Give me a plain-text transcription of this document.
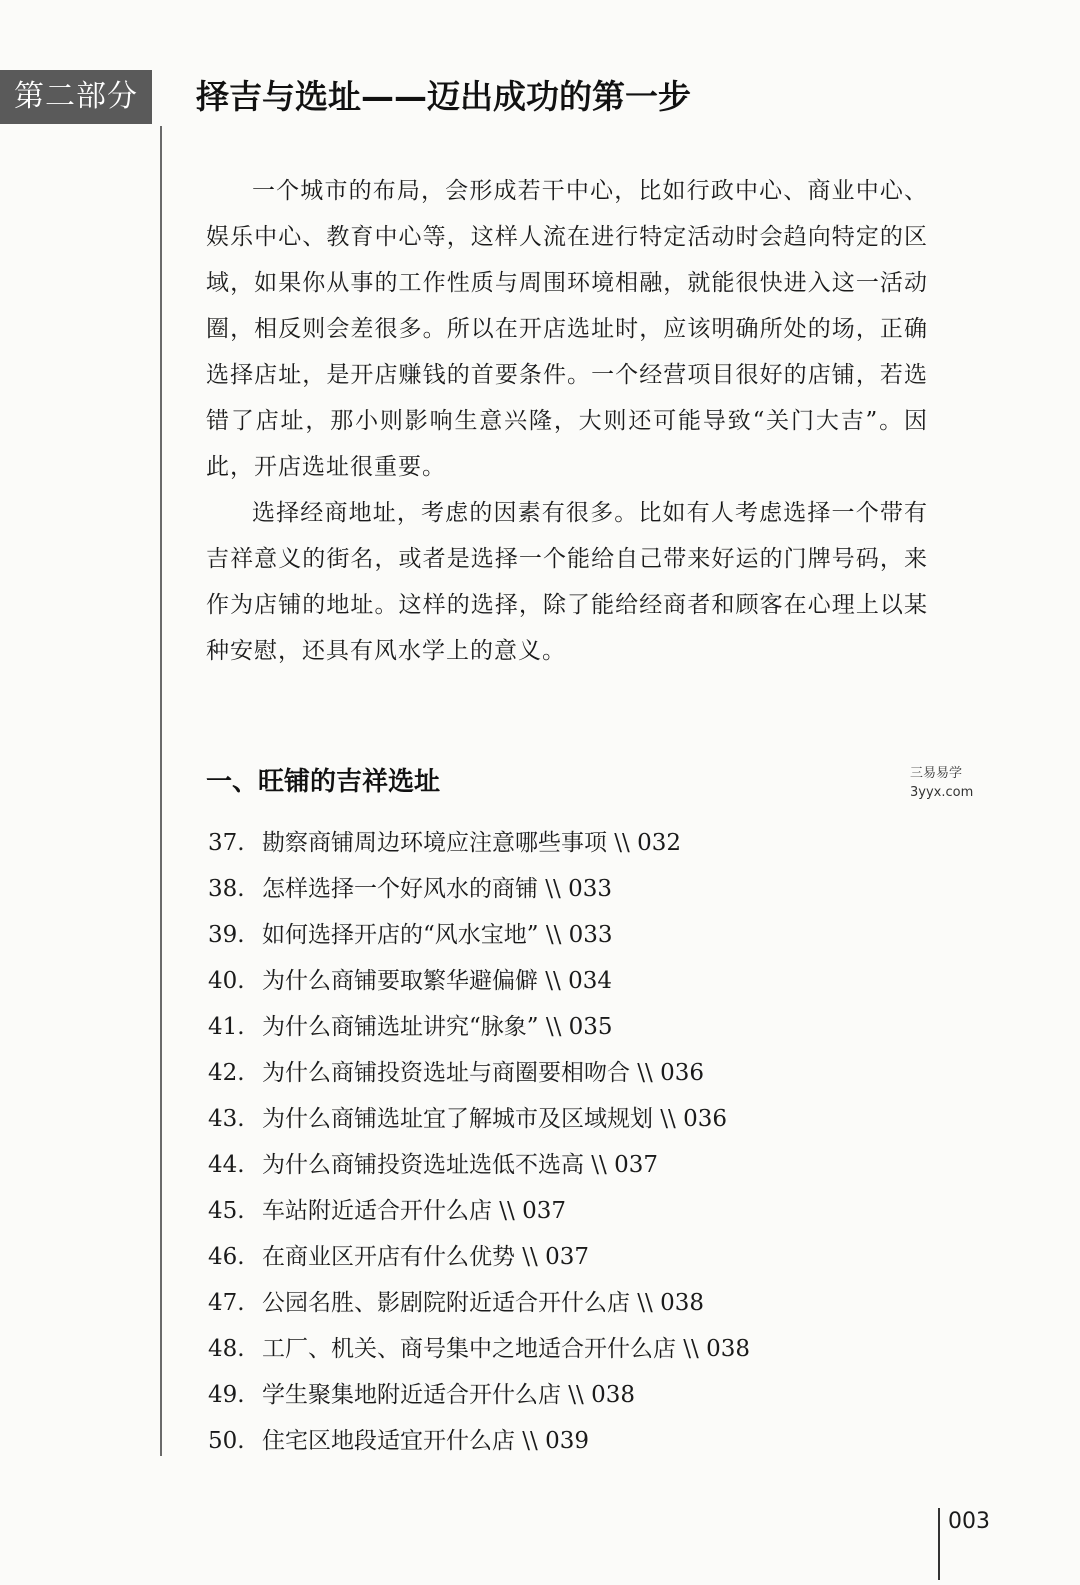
第二部分	择吉与选址——迈出成功的第一步

一个城市的布局，会形成若干中心，比如行政中心、商业中心、娱乐中心、教育中心等，这样人流在进行特定活动时会趋向特定的区域，如果你从事的工作性质与周围环境相融，就能很快进入这一活动圈，相反则会差很多。所以在开店选址时，应该明确所处的场，正确选择店址，是开店赚钱的首要条件。一个经营项目很好的店铺，若选错了店址，那小则影响生意兴隆，大则还可能导致“关门大吉”。因此，开店选址很重要。

选择经商地址，考虑的因素有很多。比如有人考虑选择一个带有吉祥意义的街名，或者是选择一个能给自己带来好运的门牌号码，来作为店铺的地址。这样的选择，除了能给经商者和顾客在心理上以某种安慰，还具有风水学上的意义。

一、旺铺的吉祥选址	三易易学
3yyx.com
37. 勘察商铺周边环境应注意哪些事项 \\ 032
38. 怎样选择一个好风水的商铺 \\ 033
39. 如何选择开店的“风水宝地” \\ 033
40. 为什么商铺要取繁华避偏僻 \\ 034
41. 为什么商铺选址讲究“脉象” \\ 035
42. 为什么商铺投资选址与商圈要相吻合 \\ 036
43. 为什么商铺选址宜了解城市及区域规划 \\ 036
44. 为什么商铺投资选址选低不选高 \\ 037
45. 车站附近适合开什么店 \\ 037
46. 在商业区开店有什么优势 \\ 037
47. 公园名胜、影剧院附近适合开什么店 \\ 038
48. 工厂、机关、商号集中之地适合开什么店 \\ 038
49. 学生聚集地附近适合开什么店 \\ 038
50. 住宅区地段适宜开什么店 \\ 039
003
